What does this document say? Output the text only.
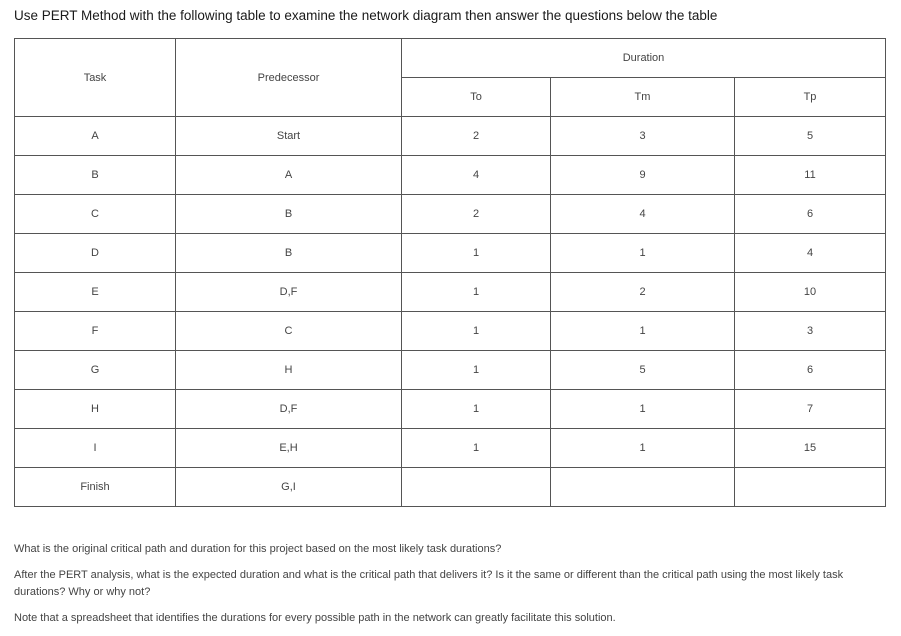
Use PERT Method with the following table to examine the network diagram then answer the questions below the table
Task	Predecessor	Duration		
		To	Tm	Tp
A	Start	2	3	5
B	A	4	9	11
C	B	2	4	6
D	B	1	1	4
E	D,F	1	2	10
F	C	1	1	3
G	H	1	5	6
H	D,F	1	1	7
I	E,H	1	1	15
Finish	G,I			

What is the original critical path and duration for this project based on the most likely task durations?

After the PERT analysis, what is the expected duration and what is the critical path that delivers it? Is it the same or different than the critical path using the most likely task durations? Why or why not?

Note that a spreadsheet that identifies the durations for every possible path in the network can greatly facilitate this solution.
